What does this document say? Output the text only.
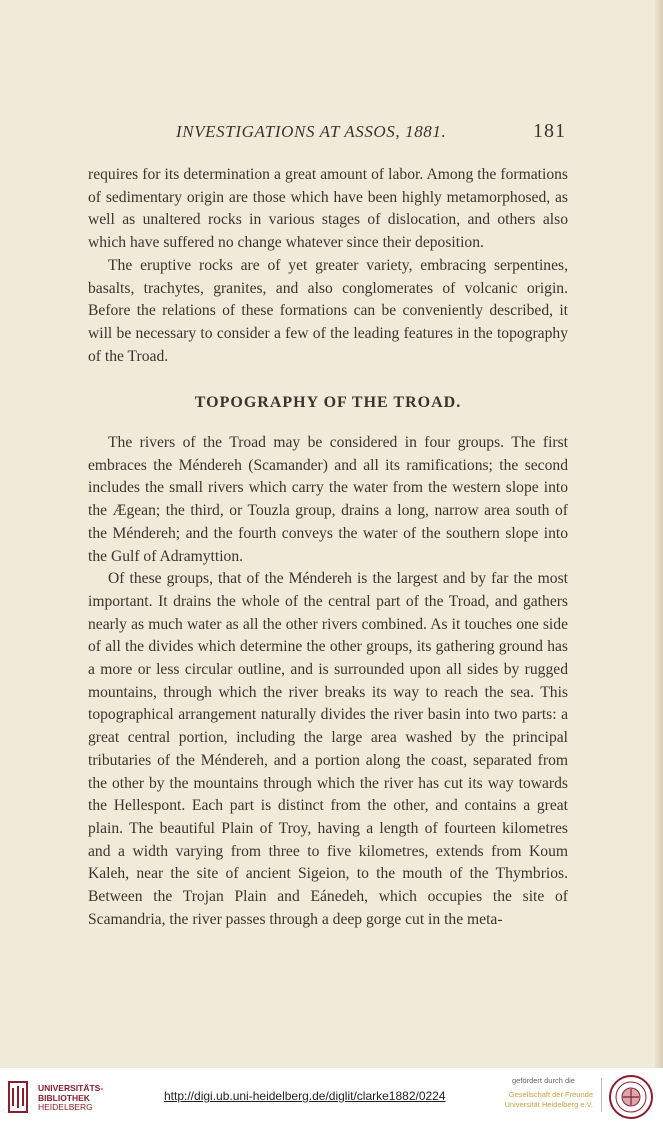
INVESTIGATIONS AT ASSOS, 1881.	181

requires for its determination a great amount of labor. Among the formations of sedimentary origin are those which have been highly metamorphosed, as well as unaltered rocks in various stages of dislocation, and others also which have suffered no change whatever since their deposition.

The eruptive rocks are of yet greater variety, embracing serpentines, basalts, trachytes, granites, and also conglomerates of volcanic origin. Before the relations of these formations can be conveniently described, it will be necessary to consider a few of the leading features in the topography of the Troad.

TOPOGRAPHY OF THE TROAD.

The rivers of the Troad may be considered in four groups. The first embraces the Méndereh (Scamander) and all its ramifications; the second includes the small rivers which carry the water from the western slope into the Ægean; the third, or Touzla group, drains a long, narrow area south of the Méndereh; and the fourth conveys the water of the southern slope into the Gulf of Adramyttion.

Of these groups, that of the Méndereh is the largest and by far the most important. It drains the whole of the central part of the Troad, and gathers nearly as much water as all the other rivers combined. As it touches one side of all the divides which determine the other groups, its gathering ground has a more or less circular outline, and is surrounded upon all sides by rugged mountains, through which the river breaks its way to reach the sea. This topographical arrangement naturally divides the river basin into two parts: a great central portion, including the large area washed by the principal tributaries of the Méndereh, and a portion along the coast, separated from the other by the mountains through which the river has cut its way towards the Hellespont. Each part is distinct from the other, and contains a great plain. The beautiful Plain of Troy, having a length of fourteen kilometres and a width varying from three to five kilometres, extends from Koum Kaleh, near the site of ancient Sigeion, to the mouth of the Thymbrios. Between the Trojan Plain and Eánedeh, which occupies the site of Scamandria, the river passes through a deep gorge cut in the meta-

UNIVERSITÄTS-
BIBLIOTHEK
HEIDELBERG
http://digi.ub.uni-heidelberg.de/diglit/clarke1882/0224
gefördert durch die
Gesellschaft der Freunde
Universität Heidelberg e.V.
